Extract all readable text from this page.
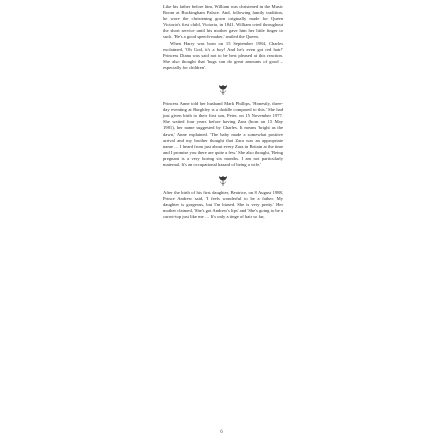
Like his father before him, William was christened in the Music Room at Buckingham Palace. And, following family tradition, he wore the christening gown originally made for Queen Victoria's first child, Victoria, in 1841. William cried throughout the short service until his mother gave him her little finger to suck. 'He's a good speech-maker,' smiled the Queen.

When Harry was born on 15 September 1984, Charles exclaimed, 'Oh God, it's a boy! And he's even got red hair!' Princess Diana was said not to be best pleased at this reaction. She also thought that 'hugs can do great amounts of good – especially for children'.

Princess Anne told her husband Mark Phillips, 'Honestly, three-day eventing at Burghley is a doddle compared to this.' She had just given birth to their first son, Peter, on 15 November 1977. She waited four years before having Zara (born on 15 May 1981), her name suggested by Charles. It means 'bright as the dawn,' Anne explained. 'The baby made a somewhat positive arrival and my brother thought that Zara was an appropriate name … I heard from just about every Zara in Britain at the time and I promise you there are quite a few.' She also thought, 'Being pregnant is a very boring six months. I am not particularly maternal. It's an occupational hazard of being a wife.'

After the birth of his first daughter, Beatrice, on 8 August 1988, Prince Andrew said, 'I feels wonderful to be a father. My daughter is gorgeous, but I'm biased. She is very pretty.' Her mother claimed, 'She's got Andrew's lips' and 'She's going to be a carrot-top just like me … It's only a tinge of hair so far,

6
